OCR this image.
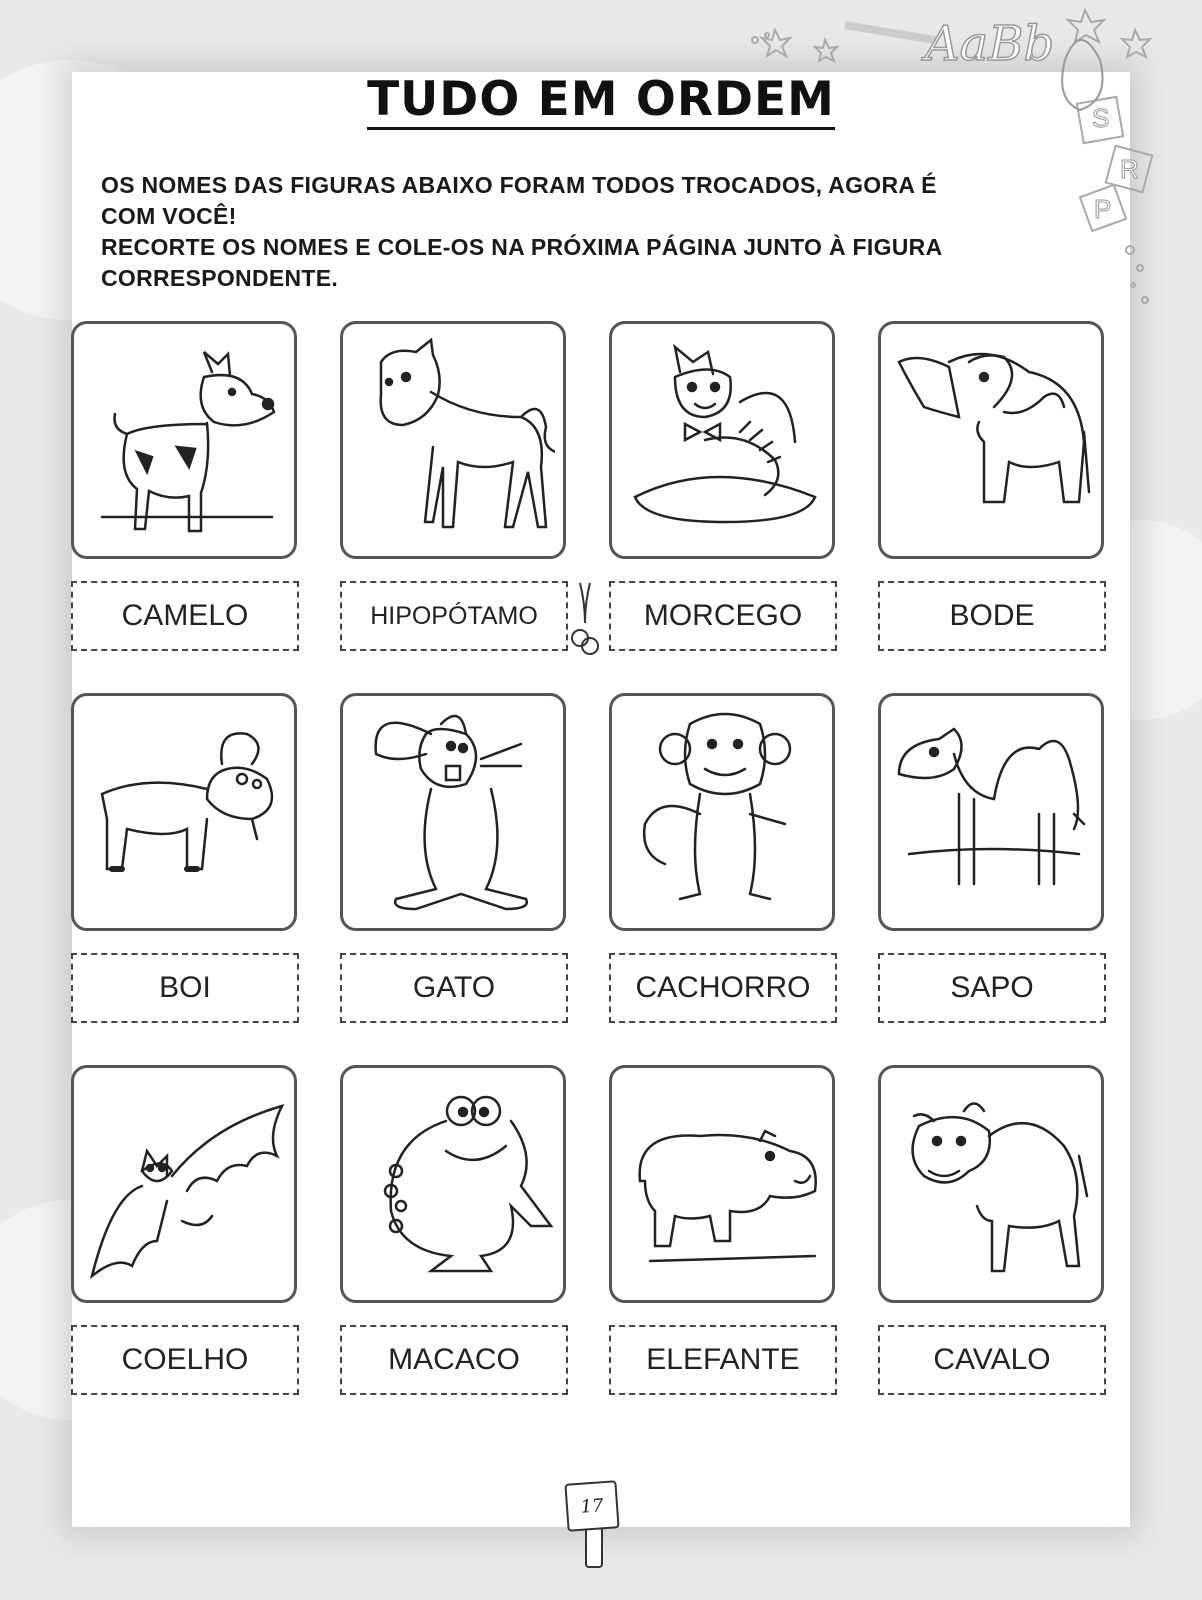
AaBb
S
R
P
TUDO EM ORDEM
OS NOMES DAS FIGURAS ABAIXO FORAM TODOS TROCADOS, AGORA É
COM VOCÊ!
RECORTE OS NOMES E COLE-OS NA PRÓXIMA PÁGINA JUNTO À FIGURA
CORRESPONDENTE.
CAMELO	HIPOPÓTAMO	MORCEGO	BODE
BOI	GATO	CACHORRO	SAPO
COELHO	MACACO	ELEFANTE	CAVALO
17
